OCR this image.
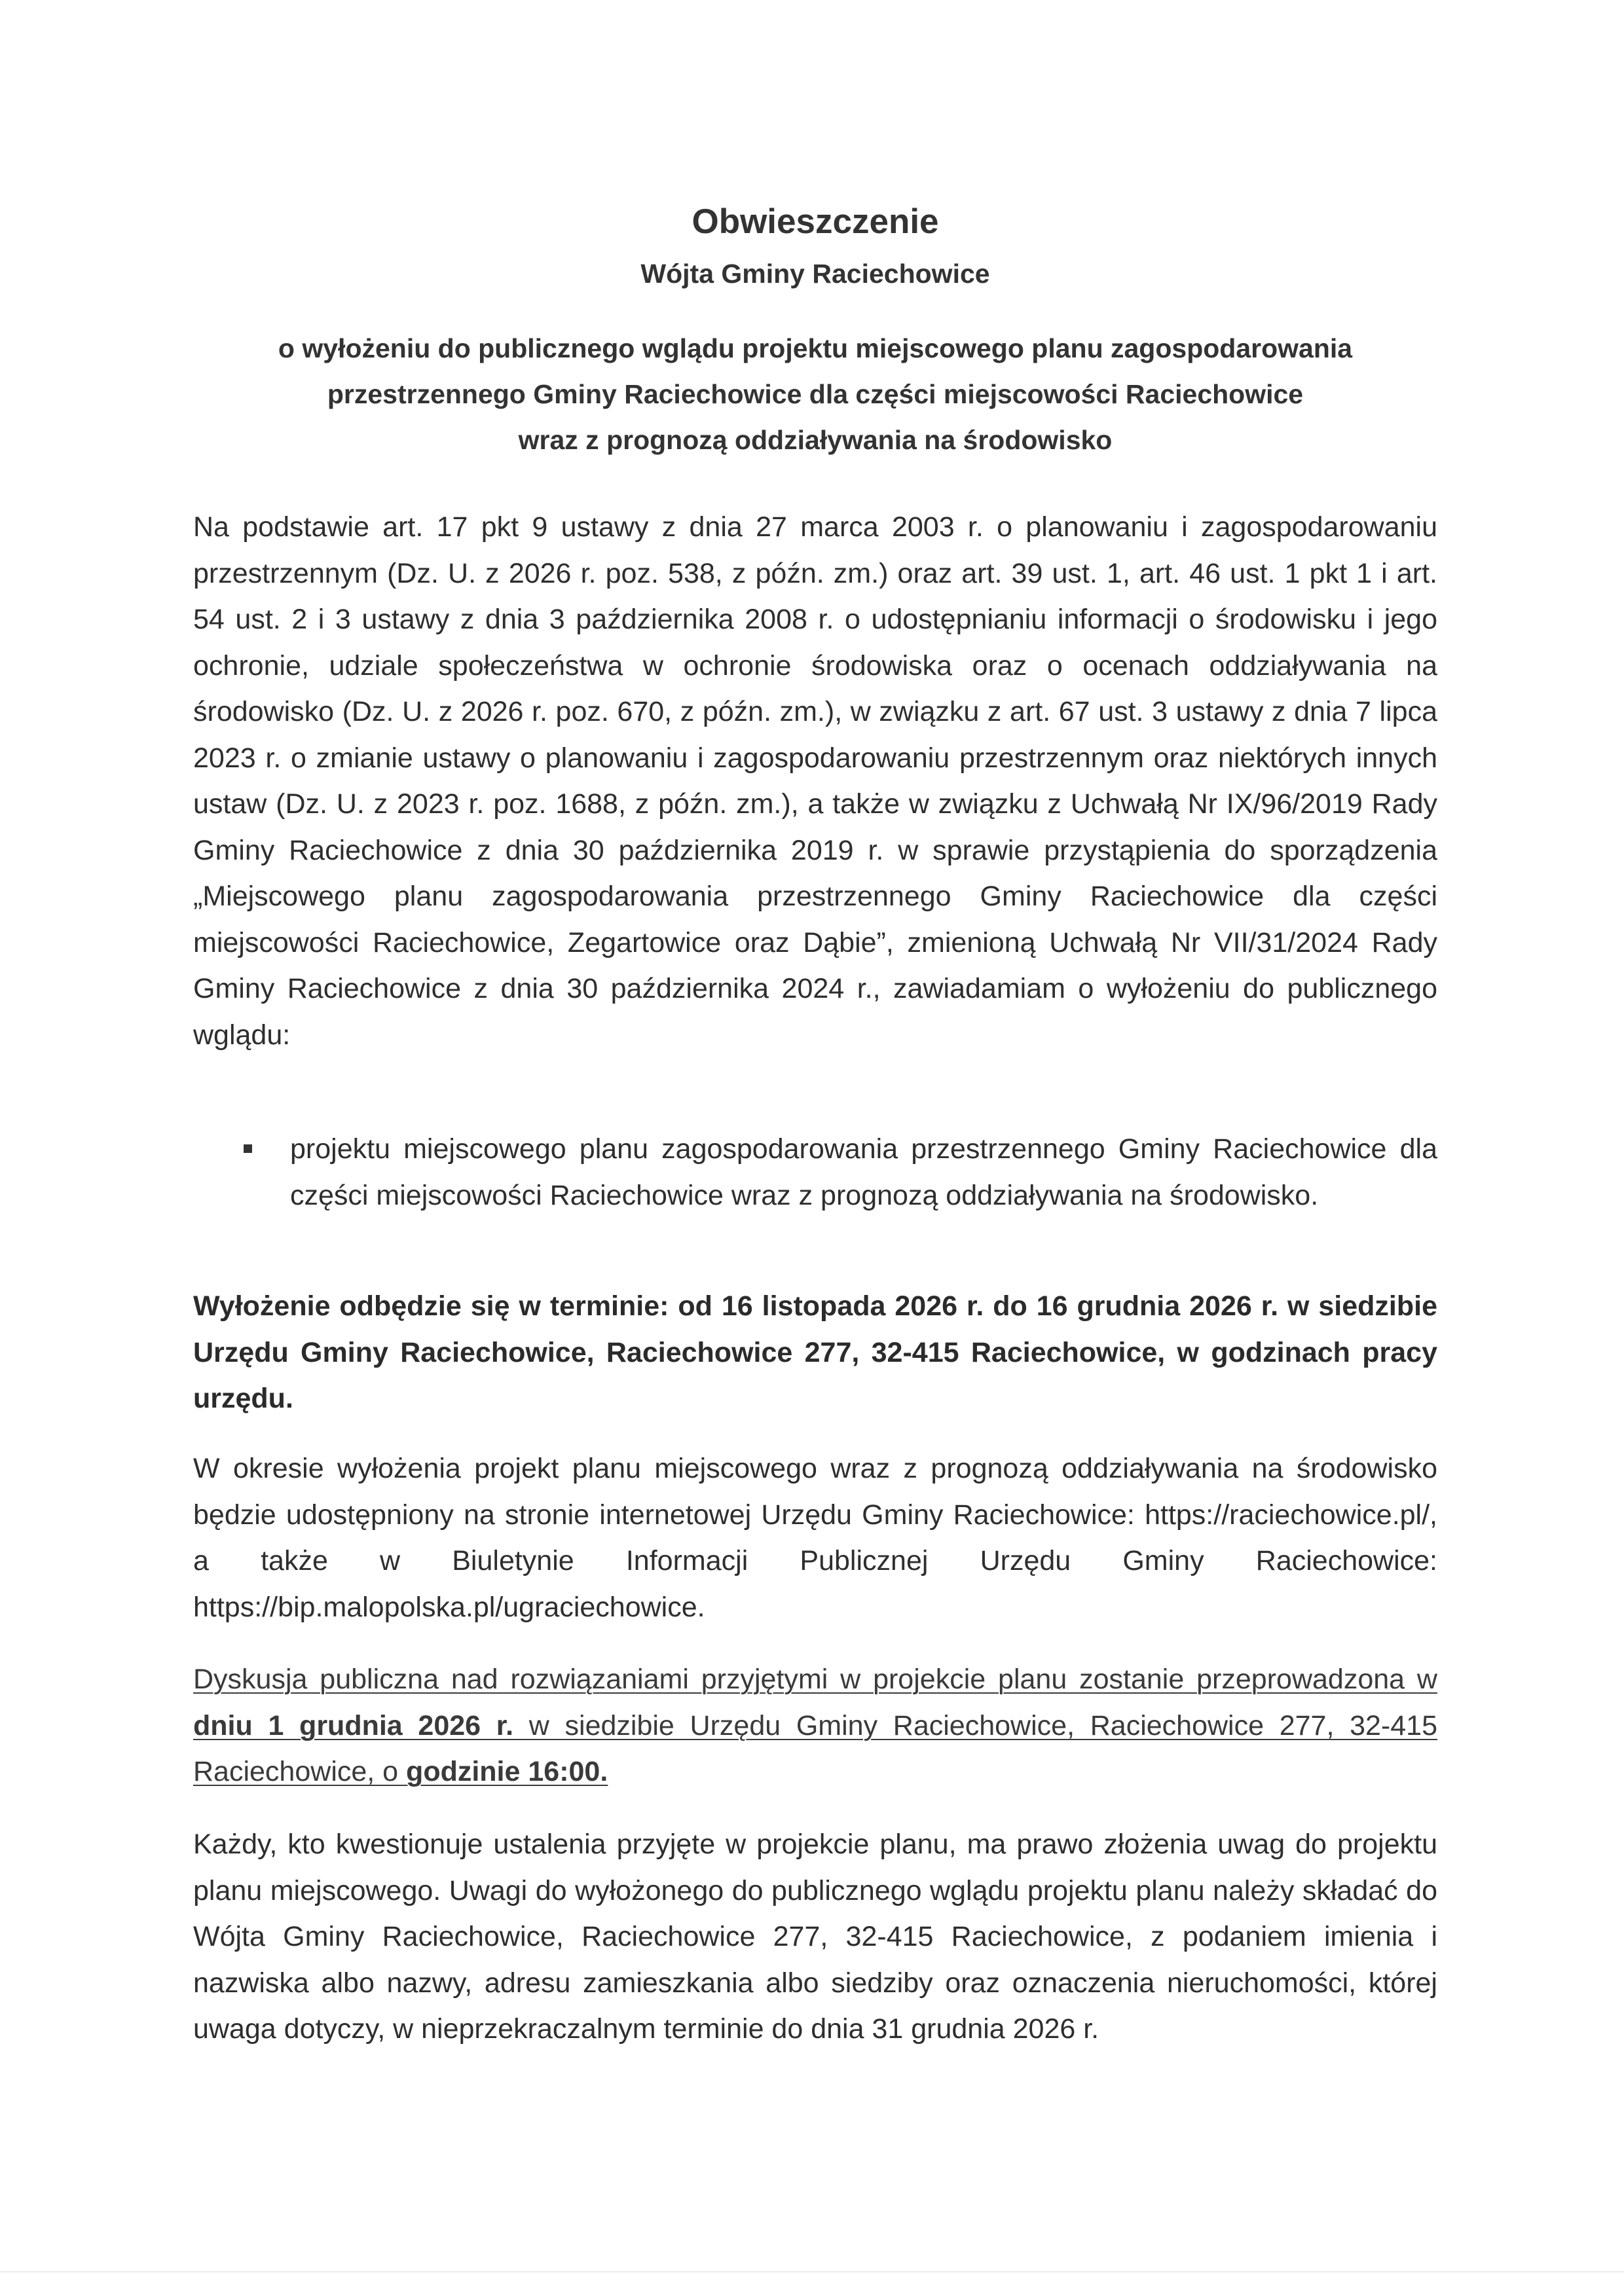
Obwieszczenie
Wójta Gminy Raciechowice
o wyłożeniu do publicznego wglądu projektu miejscowego planu zagospodarowania
przestrzennego Gminy Raciechowice dla części miejscowości Raciechowice
wraz z prognozą oddziaływania na środowisko
Na podstawie art. 17 pkt 9 ustawy z dnia 27 marca 2003 r. o planowaniu i zagospodarowaniu przestrzennym (Dz. U. z 2026 r. poz. 538, z późn. zm.) oraz art. 39 ust. 1, art. 46 ust. 1 pkt 1 i art. 54 ust. 2 i 3 ustawy z dnia 3 października 2008 r. o udostępnianiu informacji o środowisku i jego ochronie, udziale społeczeństwa w ochronie środowiska oraz o ocenach oddziaływania na środowisko (Dz. U. z 2026 r. poz. 670, z późn. zm.), w związku z art. 67 ust. 3 ustawy z dnia 7 lipca 2023 r. o zmianie ustawy o planowaniu i zagospodarowaniu przestrzennym oraz niektórych innych ustaw (Dz. U. z 2023 r. poz. 1688, z późn. zm.), a także w związku z Uchwałą Nr IX/96/2019 Rady Gminy Raciechowice z dnia 30 października 2019 r. w sprawie przystąpienia do sporządzenia „Miejscowego planu zagospodarowania przestrzennego Gminy Raciechowice dla części miejscowości Raciechowice, Zegartowice oraz Dąbie”, zmienioną Uchwałą Nr VII/31/2024 Rady Gminy Raciechowice z dnia 30 października 2024 r., zawiadamiam o wyłożeniu do publicznego wglądu:
projektu miejscowego planu zagospodarowania przestrzennego Gminy Raciechowice dla części miejscowości Raciechowice wraz z prognozą oddziaływania na środowisko.
Wyłożenie odbędzie się w terminie: od 16 listopada 2026 r. do 16 grudnia 2026 r. w siedzibie Urzędu Gminy Raciechowice, Raciechowice 277, 32-415 Raciechowice, w godzinach pracy urzędu.
W okresie wyłożenia projekt planu miejscowego wraz z prognozą oddziaływania na środowisko będzie udostępniony na stronie internetowej Urzędu Gminy Raciechowice: https://raciechowice.pl/, a także w Biuletynie Informacji Publicznej Urzędu Gminy Raciechowice: https://bip.malopolska.pl/ugraciechowice.
Dyskusja publiczna nad rozwiązaniami przyjętymi w projekcie planu zostanie przeprowadzona w dniu 1 grudnia 2026 r. w siedzibie Urzędu Gminy Raciechowice, Raciechowice 277, 32-415 Raciechowice, o godzinie 16:00.
Każdy, kto kwestionuje ustalenia przyjęte w projekcie planu, ma prawo złożenia uwag do projektu planu miejscowego. Uwagi do wyłożonego do publicznego wglądu projektu planu należy składać do Wójta Gminy Raciechowice, Raciechowice 277, 32-415 Raciechowice, z podaniem imienia i nazwiska albo nazwy, adresu zamieszkania albo siedziby oraz oznaczenia nieruchomości, której uwaga dotyczy, w nieprzekraczalnym terminie do dnia 31 grudnia 2026 r.
